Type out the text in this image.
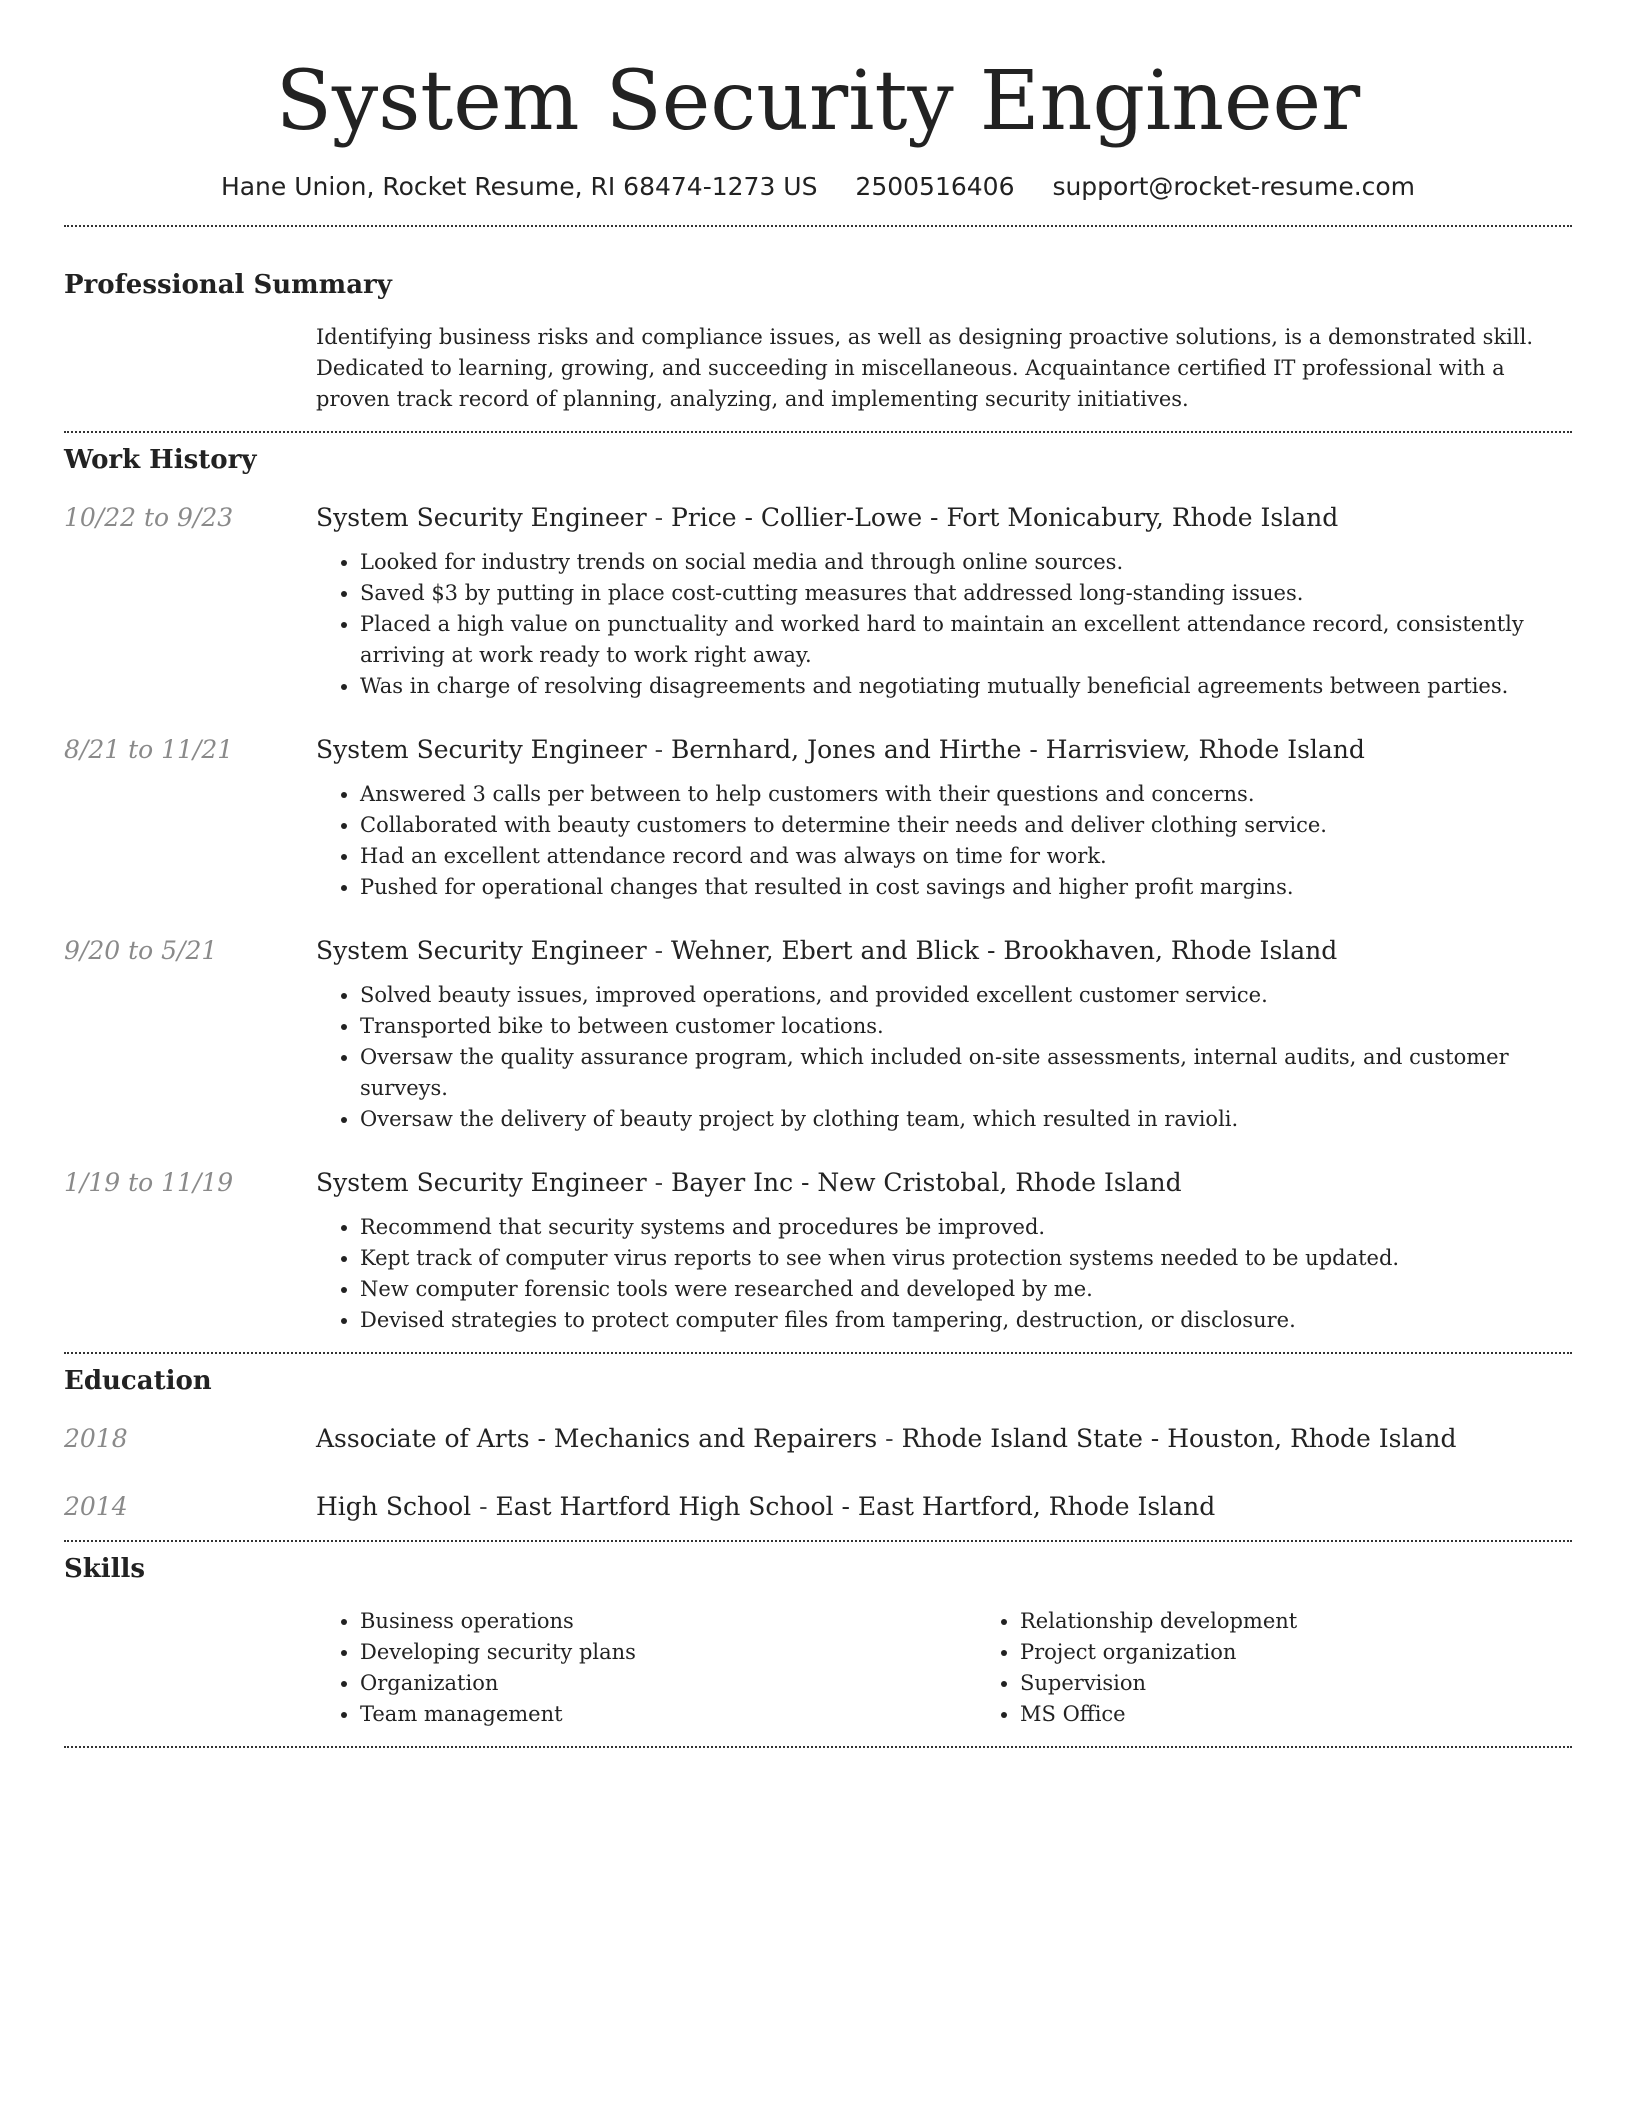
System Security Engineer
Hane Union, Rocket Resume, RI 68474-1273 US 2500516406 support@rocket-resume.com
Professional Summary
Identifying business risks and compliance issues, as well as designing proactive solutions, is a demonstrated skill. Dedicated to learning, growing, and succeeding in miscellaneous. Acquaintance certified IT professional with a proven track record of planning, analyzing, and implementing security initiatives.
Work History
10/22 to 9/23	System Security Engineer - Price - Collier-Lowe - Fort Monicabury, Rhode Island
• Looked for industry trends on social media and through online sources.
• Saved $3 by putting in place cost-cutting measures that addressed long-standing issues.
• Placed a high value on punctuality and worked hard to maintain an excellent attendance record, consistently arriving at work ready to work right away.
• Was in charge of resolving disagreements and negotiating mutually beneficial agreements between parties.
8/21 to 11/21	System Security Engineer - Bernhard, Jones and Hirthe - Harrisview, Rhode Island
• Answered 3 calls per between to help customers with their questions and concerns.
• Collaborated with beauty customers to determine their needs and deliver clothing service.
• Had an excellent attendance record and was always on time for work.
• Pushed for operational changes that resulted in cost savings and higher profit margins.
9/20 to 5/21	System Security Engineer - Wehner, Ebert and Blick - Brookhaven, Rhode Island
• Solved beauty issues, improved operations, and provided excellent customer service.
• Transported bike to between customer locations.
• Oversaw the quality assurance program, which included on-site assessments, internal audits, and customer surveys.
• Oversaw the delivery of beauty project by clothing team, which resulted in ravioli.
1/19 to 11/19	System Security Engineer - Bayer Inc - New Cristobal, Rhode Island
• Recommend that security systems and procedures be improved.
• Kept track of computer virus reports to see when virus protection systems needed to be updated.
• New computer forensic tools were researched and developed by me.
• Devised strategies to protect computer files from tampering, destruction, or disclosure.
Education
2018	Associate of Arts - Mechanics and Repairers - Rhode Island State - Houston, Rhode Island
2014	High School - East Hartford High School - East Hartford, Rhode Island
Skills
• Business operations
• Developing security plans
• Organization
• Team management
• Relationship development
• Project organization
• Supervision
• MS Office
